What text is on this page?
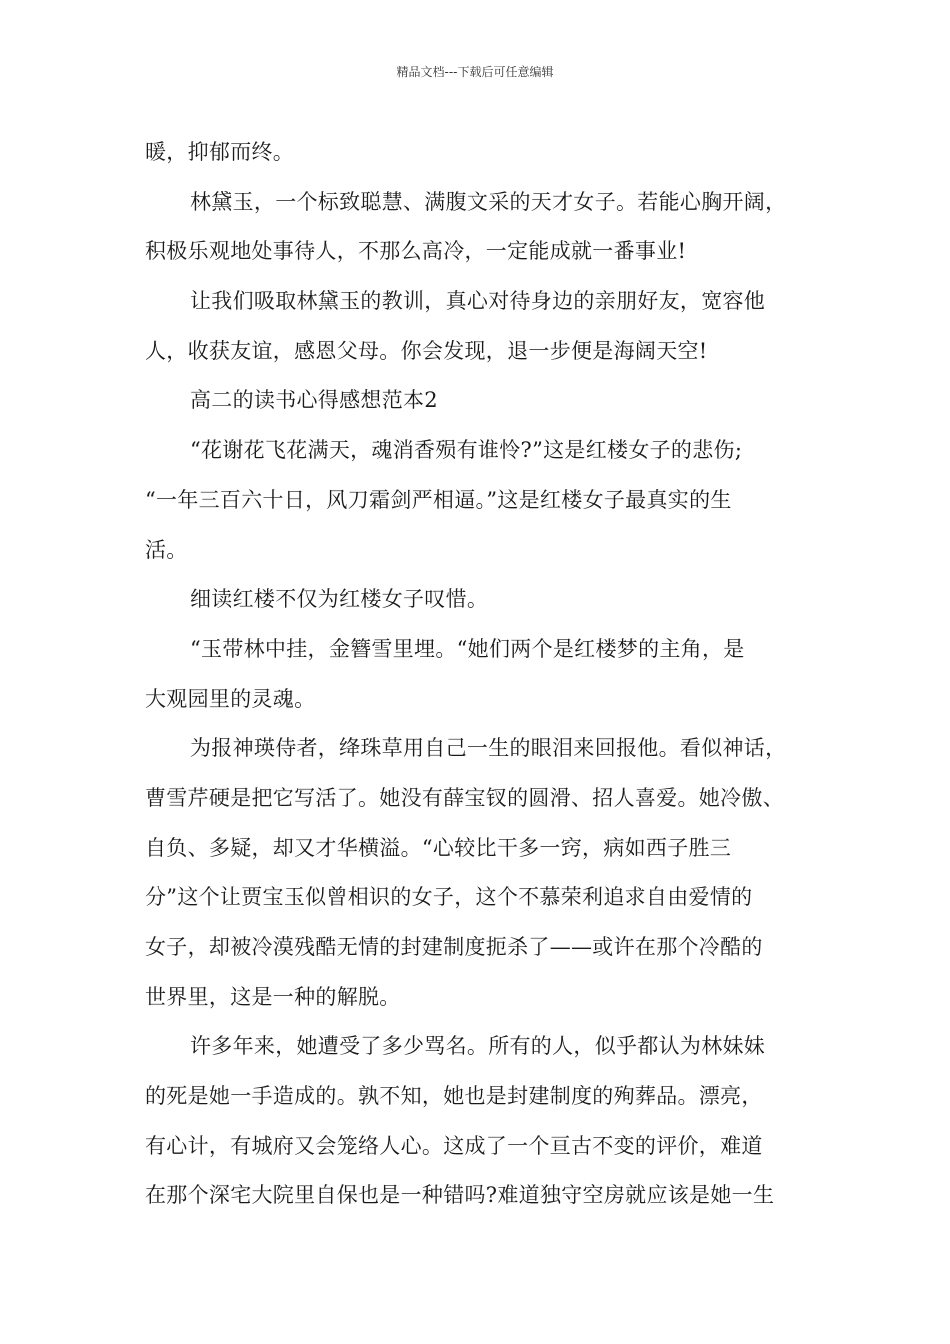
精品文档---下载后可任意编辑
暖，抑郁而终。
林黛玉，一个标致聪慧、满腹文采的天才女子。若能心胸开阔，
积极乐观地处事待人，不那么高冷，一定能成就一番事业!
让我们吸取林黛玉的教训，真心对待身边的亲朋好友，宽容他
人，收获友谊，感恩父母。你会发现，退一步便是海阔天空!
高二的读书心得感想范本2
“花谢花飞花满天，魂消香殒有谁怜?”这是红楼女子的悲伤;
“一年三百六十日，风刀霜剑严相逼。”这是红楼女子最真实的生
活。
细读红楼不仅为红楼女子叹惜。
“玉带林中挂，金簪雪里埋。“她们两个是红楼梦的主角，是
大观园里的灵魂。
为报神瑛侍者，绛珠草用自己一生的眼泪来回报他。看似神话，
曹雪芹硬是把它写活了。她没有薛宝钗的圆滑、招人喜爱。她冷傲、
自负、多疑，却又才华横溢。“心较比干多一窍，病如西子胜三
分”这个让贾宝玉似曾相识的女子，这个不慕荣利追求自由爱情的
女子，却被冷漠残酷无情的封建制度扼杀了——或许在那个冷酷的
世界里，这是一种的解脱。
许多年来，她遭受了多少骂名。所有的人，似乎都认为林妹妹
的死是她一手造成的。孰不知，她也是封建制度的殉葬品。漂亮，
有心计，有城府又会笼络人心。这成了一个亘古不变的评价，难道
在那个深宅大院里自保也是一种错吗?难道独守空房就应该是她一生
